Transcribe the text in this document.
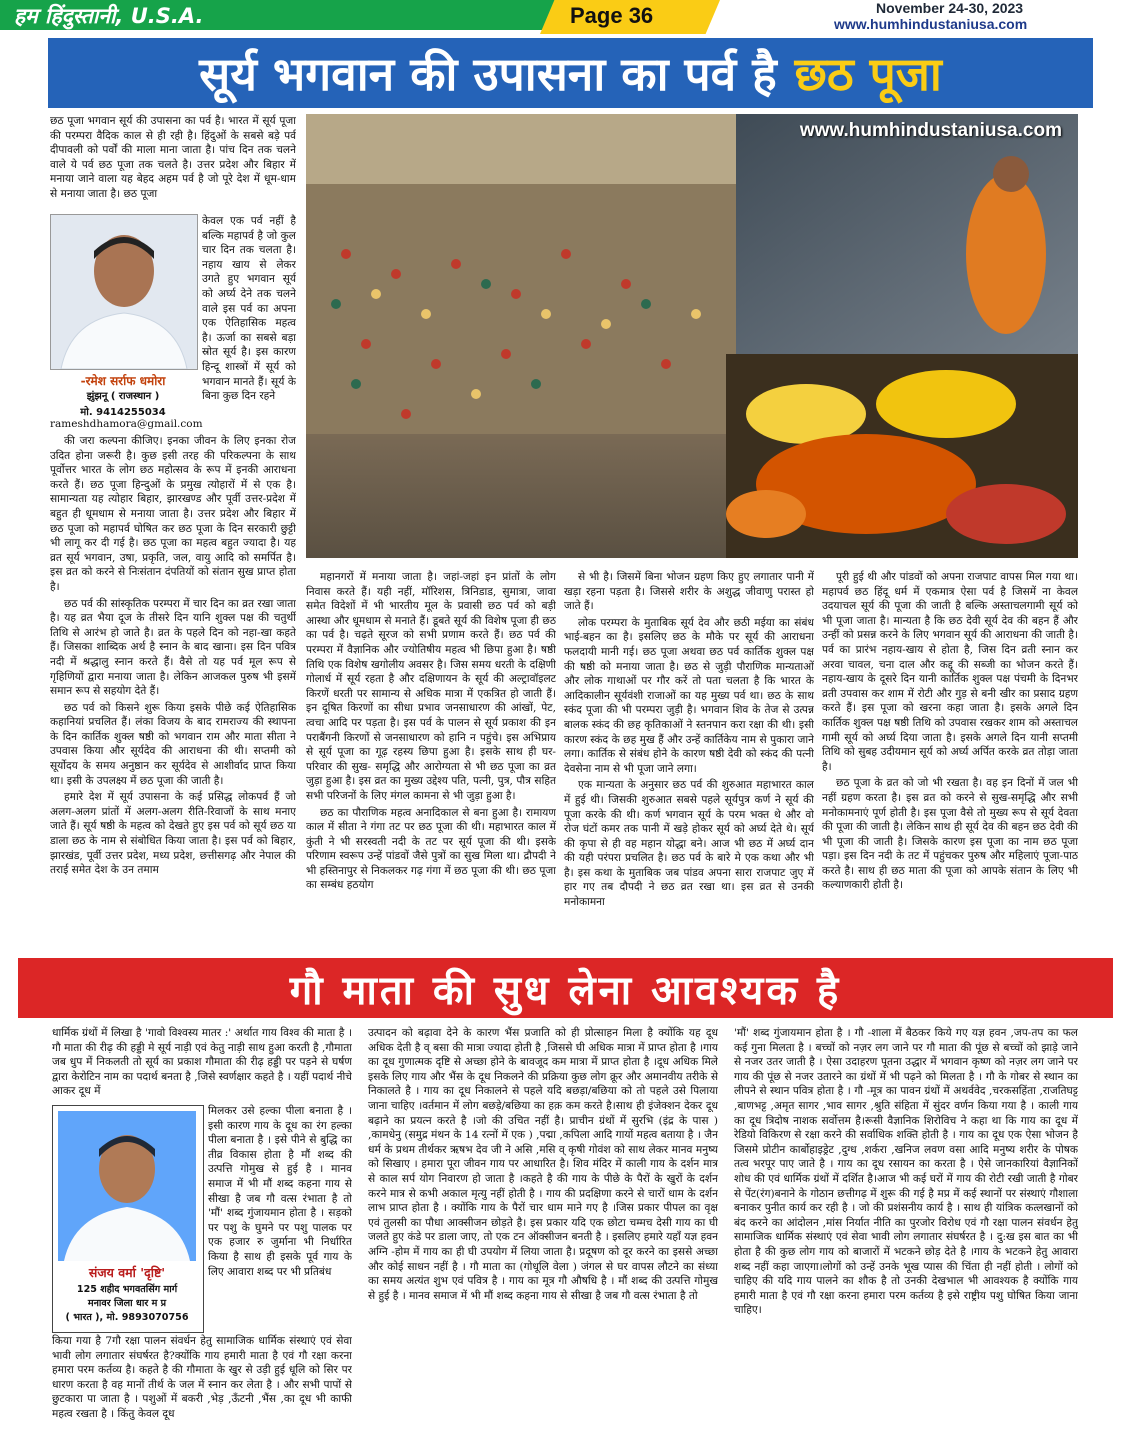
हम हिंदुस्तानी, U.S.A.	Page 36	November 24-30, 2023
www.humhindustaniusa.com
सूर्य भगवान की उपासना का पर्व है छठ पूजा
www.humhindustaniusa.com
छठ पूजा भगवान सूर्य की उपासना का पर्व है। भारत में सूर्य पूजा की परम्परा वैदिक काल से ही रही है। हिंदुओं के सबसे बड़े पर्व दीपावली को पर्वों की माला माना जाता है। पांच दिन तक चलने वाले ये पर्व छठ पूजा तक चलते है। उत्तर प्रदेश और बिहार में मनाया जाने वाला यह बेहद अहम पर्व है जो पूरे देश में धूम-धाम से मनाया जाता है। छठ पूजा
केवल एक पर्व नहीं है बल्कि महापर्व है जो कुल चार दिन तक चलता है। नहाय खाय से लेकर उगते हुए भगवान सूर्य को अर्घ्य देने तक चलने वाले इस पर्व का अपना एक ऐतिहासिक महत्व है। ऊर्जा का सबसे बड़ा स्रोत सूर्य है। इस कारण हिन्दू शास्त्रों में सूर्य को भगवान मानते हैं। सूर्य के बिना कुछ दिन रहने
-रमेश सर्राफ धमोरा
झुंझनू ( राजस्थान )
मो. 9414255034
rameshdhamora@gmail.com

की जरा कल्पना कीजिए। इनका जीवन के लिए इनका रोज उदित होना जरूरी है। कुछ इसी तरह की परिकल्पना के साथ पूर्वोत्तर भारत के लोग छठ महोत्सव के रूप में इनकी आराधना करते हैं। छठ पूजा हिन्दुओं के प्रमुख त्योहारों में से एक है। सामान्यता यह त्योहार बिहार, झारखण्ड और पूर्वी उत्तर-प्रदेश में बहुत ही धूमधाम से मनाया जाता है। उत्तर प्रदेश और बिहार में छठ पूजा को महापर्व घोषित कर छठ पूजा के दिन सरकारी छुट्टी भी लागू कर दी गई है। छठ पूजा का महत्व बहुत ज्यादा है। यह व्रत सूर्य भगवान, उषा, प्रकृति, जल, वायु आदि को समर्पित है। इस व्रत को करने से निःसंतान दंपतियों को संतान सुख प्राप्त होता है।

छठ पर्व की सांस्कृतिक परम्परा में चार दिन का व्रत रखा जाता है। यह व्रत भैया दूज के तीसरे दिन यानि शुक्ल पक्ष की चतुर्थी तिथि से आरंभ हो जाते है। व्रत के पहले दिन को नहा-खा कहते हैं। जिसका शाब्दिक अर्थ है स्नान के बाद खाना। इस दिन पवित्र नदी में श्रद्धालु स्नान करते हैं। वैसे तो यह पर्व मूल रूप से गृहिणियों द्वारा मनाया जाता है। लेकिन आजकल पुरुष भी इसमें समान रूप से सहयोग देते हैं।

छठ पर्व को किसने शुरू किया इसके पीछे कई ऐतिहासिक कहानियां प्रचलित हैं। लंका विजय के बाद रामराज्य की स्थापना के दिन कार्तिक शुक्ल षष्ठी को भगवान राम और माता सीता ने उपवास किया और सूर्यदेव की आराधना की थी। सप्तमी को सूर्योदय के समय अनुष्ठान कर सूर्यदेव से आशीर्वाद प्राप्त किया था। इसी के उपलक्ष्य में छठ पूजा की जाती है।

हमारे देश में सूर्य उपासना के कई प्रसिद्ध लोकपर्व हैं जो अलग-अलग प्रांतों में अलग-अलग रीति-रिवाजों के साथ मनाए जाते हैं। सूर्य षष्ठी के महत्व को देखते हुए इस पर्व को सूर्य छठ या डाला छठ के नाम से संबोधित किया जाता है। इस पर्व को बिहार, झारखंड, पूर्वी उत्तर प्रदेश, मध्य प्रदेश, छत्तीसगढ़ और नेपाल की तराई समेत देश के उन तमाम

महानगरों में मनाया जाता है। जहां-जहां इन प्रांतों के लोग निवास करते हैं। यही नहीं, मॉरिशस, त्रिनिडाड, सुमात्रा, जावा समेत विदेशों में भी भारतीय मूल के प्रवासी छठ पर्व को बड़ी आस्था और धूमधाम से मनाते हैं। डूबते सूर्य की विशेष पूजा ही छठ का पर्व है। चढ़ते सूरज को सभी प्रणाम करते हैं। छठ पर्व की परम्परा में वैज्ञानिक और ज्योतिषीय महत्व भी छिपा हुआ है। षष्ठी तिथि एक विशेष खगोलीय अवसर है। जिस समय धरती के दक्षिणी गोलार्ध में सूर्य रहता है और दक्षिणायन के सूर्य की अल्ट्रावॉइलट किरणें धरती पर सामान्य से अधिक मात्रा में एकत्रित हो जाती हैं। इन दूषित किरणों का सीधा प्रभाव जनसाधारण की आंखों, पेट, त्वचा आदि पर पड़ता है। इस पर्व के पालन से सूर्य प्रकाश की इन पराबैंगनी किरणों से जनसाधारण को हानि न पहुंचे। इस अभिप्राय से सूर्य पूजा का गूढ़ रहस्य छिपा हुआ है। इसके साथ ही घर-परिवार की सुख- समृद्धि और आरोग्यता से भी छठ पूजा का व्रत जुड़ा हुआ है। इस व्रत का मुख्य उद्देश्य पति, पत्नी, पुत्र, पौत्र सहित सभी परिजनों के लिए मंगल कामना से भी जुड़ा हुआ है।

छठ का पौराणिक महत्व अनादिकाल से बना हुआ है। रामायण काल में सीता ने गंगा तट पर छठ पूजा की थी। महाभारत काल में कुंती ने भी सरस्वती नदी के तट पर सूर्य पूजा की थी। इसके परिणाम स्वरूप उन्हें पांडवों जैसे पुत्रों का सुख मिला था। द्रौपदी ने भी हस्तिनापुर से निकलकर गढ़ गंगा में छठ पूजा की थी। छठ पूजा का सम्बंध हठयोग

से भी है। जिसमें बिना भोजन ग्रहण किए हुए लगातार पानी में खड़ा रहना पड़ता है। जिससे शरीर के अशुद्ध जीवाणु परास्त हो जाते हैं।

लोक परम्परा के मुताबिक सूर्य देव और छठी मईया का संबंध भाई-बहन का है। इसलिए छठ के मौके पर सूर्य की आराधना फलदायी मानी गई। छठ पूजा अथवा छठ पर्व कार्तिक शुक्ल पक्ष की षष्ठी को मनाया जाता है। छठ से जुड़ी पौराणिक मान्यताओं और लोक गाथाओं पर गौर करें तो पता चलता है कि भारत के आदिकालीन सूर्यवंशी राजाओं का यह मुख्य पर्व था। छठ के साथ स्कंद पूजा की भी परम्परा जुड़ी है। भगवान शिव के तेज से उत्पन्न बालक स्कंद की छह कृतिकाओं ने स्तनपान करा रक्षा की थी। इसी कारण स्कंद के छह मुख हैं और उन्हें कार्तिकेय नाम से पुकारा जाने लगा। कार्तिक से संबंध होने के कारण षष्ठी देवी को स्कंद की पत्नी देवसेना नाम से भी पूजा जाने लगा।

एक मान्यता के अनुसार छठ पर्व की शुरुआत महाभारत काल में हुई थी। जिसकी शुरुआत सबसे पहले सूर्यपुत्र कर्ण ने सूर्य की पूजा करके की थी। कर्ण भगवान सूर्य के परम भक्त थे और वो रोज घंटों कमर तक पानी में खड़े होकर सूर्य को अर्घ्य देते थे। सूर्य की कृपा से ही वह महान योद्धा बने। आज भी छठ में अर्घ्य दान की यही परंपरा प्रचलित है। छठ पर्व के बारे मे एक कथा और भी है। इस कथा के मुताबिक जब पांडव अपना सारा राजपाट जुए में हार गए तब दौपदी ने छठ व्रत रखा था। इस व्रत से उनकी मनोकामना

पूरी हुई थी और पांडवों को अपना राजपाट वापस मिल गया था। महापर्व छठ हिंदू धर्म में एकमात्र ऐसा पर्व है जिसमें ना केवल उदयाचल सूर्य की पूजा की जाती है बल्कि अस्ताचलगामी सूर्य को भी पूजा जाता है। मान्यता है कि छठ देवी सूर्य देव की बहन हैं और उन्हीं को प्रसन्न करने के लिए भगवान सूर्य की आराधना की जाती है। पर्व का प्रारंभ नहाय-खाय से होता है, जिस दिन व्रती स्नान कर अरवा चावल, चना दाल और कद्दू की सब्जी का भोजन करते हैं। नहाय-खाय के दूसरे दिन यानी कार्तिक शुक्ल पक्ष पंचमी के दिनभर व्रती उपवास कर शाम में रोटी और गुड़ से बनी खीर का प्रसाद ग्रहण करते हैं। इस पूजा को खरना कहा जाता है। इसके अगले दिन कार्तिक शुक्ल पक्ष षष्ठी तिथि को उपवास रखकर शाम को अस्ताचल गामी सूर्य को अर्घ्य दिया जाता है। इसके अगले दिन यानी सप्तमी तिथि को सुबह उदीयमान सूर्य को अर्घ्य अर्पित करके व्रत तोड़ा जाता है।

छठ पूजा के व्रत को जो भी रखता है। वह इन दिनों में जल भी नहीं ग्रहण करता है। इस व्रत को करने से सुख-समृद्धि और सभी मनोकामनाएं पूर्ण होती है। इस पूजा वैसे तो मुख्य रूप से सूर्य देवता की पूजा की जाती है। लेकिन साथ ही सूर्य देव की बहन छठ देवी की भी पूजा की जाती है। जिसके कारण इस पूजा का नाम छठ पूजा पड़ा। इस दिन नदी के तट में पहुंचकर पुरुष और महिलाएं पूजा-पाठ करते है। साथ ही छठ माता की पूजा को आपके संतान के लिए भी कल्याणकारी होती है।

गौ माता की सुध लेना आवश्यक है
धार्मिक ग्रंथों में लिखा है 'गावो विश्वस्य मातर :' अर्थात गाय विश्व की माता है । गौ माता की रीढ़ की हड्डी मे सूर्य नाड़ी एवं केतु नाड़ी साथ हुआ करती है ,गौमाता जब धुप में निकलती तो सूर्य का प्रकाश गौमाता की रीढ़ हड्डी पर पड़ने से घर्षण द्वारा केरोटिन नाम का पदार्थ बनता है ,जिसे स्वर्णक्षार कहते है । यहीं पदार्थ नीचे आकर दूध में
संजय वर्मा 'दृष्टि'
125 शहीद भगवतसिंग मार्ग
मनावर जिला धार म प्र
( भारत ), मो. 9893070756
मिलकर उसे हल्का पीला बनाता है । इसी कारण गाय के दूध का रंग हल्का पीला बनाता है । इसे पीने से बुद्धि का तीव्र विकास होता है मौं शब्द की उत्पत्ति गोमुख से हुई है । मानव समाज में भी मौं शब्द कहना गाय से सीखा है जब गौ वत्स रंभाता है तो 'मौं' शब्द गुंजायमान होता है । सड़को पर पशु के घुमने पर पशु पालक पर एक हजार रु जुर्माना भी निर्धारित किया है साथ ही इसके पूर्व गाय के लिए आवारा शब्द पर भी प्रतिबंध
किया गया है 7गौ रक्षा पालन संवर्धन हेतु सामाजिक धार्मिक संस्थाएं एवं सेवा भावी लोग लगातार संघर्षरत है?क्योंकि गाय हमारी माता है एवं गौ रक्षा करना हमारा परम कर्तव्य है। कहते है की गौमाता के खुर से उड़ी हुई धूलि को सिर पर धारण करता है वह मानों तीर्थ के जल में स्नान कर लेता है । और सभी पापों से छुटकारा पा जाता है । पशुओं में बकरी ,भेड़ ,ऊँटनी ,भैंस ,का दूध भी काफी महत्व रखता है । किंतु केवल दूध
उत्पादन को बढ़ावा देने के कारण भैंस प्रजाति को ही प्रोत्साहन मिला है क्योंकि यह दूध अधिक देती है व् बसा की मात्रा ज्यादा होती है ,जिससे घी अधिक मात्रा में प्राप्त होता है ।गाय का दूध गुणात्मक दृष्टि से अच्छा होने के बावजूद कम मात्रा में प्राप्त होता है ।दूध अधिक मिले इसके लिए गाय और भैंस के दूध निकलने की प्रक्रिया कुछ लोग क्रूर और अमानवीय तरीके से निकालते है । गाय का दूध निकालने से पहले यदि बछड़ा/बछिया को तो पहले उसे पिलाया जाना चाहिए ।वर्तमान में लोग बछड़े/बछिया का हक़ कम करते है।साथ ही इंजेक्शन देकर दूध बढ़ाने का प्रयत्न करते है ।जो की उचित नहीं है। प्राचीन ग्रंथों में सुरभि (इंद्र के पास ) ,कामधेनु (समुद्र मंथन के 14 रत्नों में एक ) ,पद्मा ,कपिला आदि गायों महत्व बताया है । जैन धर्म के प्रथम तीर्थकर ऋषभ देव जी ने असि ,मसि व् कृषी गोवंश को साथ लेकर मानव मनुष्य को सिखाए । हमारा पूरा जीवन गाय पर आधारित है। शिव मंदिर में काली गाय के दर्शन मात्र से काल सर्प योग निवारण हो जाता है ।कहते है की गाय के पीछे के पैरों के खुरों के दर्शन करने मात्र से कभी अकाल मृत्यु नहीं होती है । गाय की प्रदक्षिणा करने से चारों धाम के दर्शन लाभ प्राप्त होता है । क्योंकि गाय के पैरों चार धाम माने गए है ।जिस प्रकार पीपल का वृक्ष एवं तुलसी का पौधा आक्सीजन छोड़ते है। इस प्रकार यदि एक छोटा चम्मच देसी गाय का घी जलते हुए कंडे पर डाला जाए, तो एक टन ऑक्सीजन बनती है । इसलिए हमारे यहाँ यज्ञ हवन अग्नि -होम में गाय का ही घी उपयोग में लिया जाता है। प्रदूषण को दूर करने का इससे अच्छा और कोई साधन नहीं है । गौ माता का (गोधूलि वेला ) जंगल से घर वापस लौटने का संध्या का समय अत्यंत शुभ एवं पवित्र है । गाय का मूत्र गौ औषधि है । मौं शब्द की उत्पत्ति गोमुख से हुई है । मानव समाज में भी मौं शब्द कहना गाय से सीखा है जब गौ वत्स रंभाता है तो
'मौं' शब्द गुंजायमान होता है । गौ -शाला में बैठकर किये गए यज्ञ हवन ,जप-तप का फल कई गुना मिलता है । बच्चों को नज़र लग जाने पर गौ माता की पूंछ से बच्चों को झाड़े जाने से नजर उतर जाती है । ऐसा उदाहरण पूतना उद्धार में भगवान कृष्ण को नज़र लग जाने पर गाय की पूंछ से नजर उतारने का ग्रंथों में भी पढ़ने को मिलता है । गौ के गोबर से स्थान का लीपने से स्थान पवित्र होता है । गौ -मूत्र का पावन ग्रंथों में अथर्ववेद ,चरकसहिंता ,राजतिघट्ट ,बाणभट्ट ,अमृत सागर ,भाव सागर ,श्रुति संहिता में सुंदर वर्णन किया गया है । काली गाय का दूध त्रिदोष नाशक सर्वोत्तम है।रूसी वैज्ञानिक शिरोविच ने कहा था कि गाय का दूध में रेडियो विकिरण से रक्षा करने की सर्वाधिक शक्ति होती है । गाय का दूध एक ऐसा भोजन है जिसमे प्रोटीन कार्बोहाइड्रेट ,दुग्ध ,शर्करा ,खनिज लवण वसा आदि मनुष्य शरीर के पोषक तत्व भरपूर पाए जाते है । गाय का दूध रसायन का करता है । ऐसे जानकारियां वैज्ञानिकों शोध की एवं धार्मिक ग्रंथों में दर्शित है।आज भी कई घरों में गाय की रोटी रखी जाती है गोबर से पेंट(रंग)बनाने के गोठान छत्तीगढ़ में शुरू की गई है मप्र में कई स्थानों पर संस्थाएं गौशाला बनाकर पुनीत कार्य कर रही है । जो की प्रशंसनीय कार्य है । साथ ही यांत्रिक कत्लखानों को बंद करने का आंदोलन ,मांस निर्यात नीति का पुरजोर विरोध एवं गौ रक्षा पालन संवर्धन हेतु सामाजिक धार्मिक संस्थाएं एवं सेवा भावी लोग लगातार संघर्षरत है । दु:ख इस बात का भी होता है की कुछ लोग गाय को बाजारों में भटकने छोड़ देते है ।गाय के भटकने हेतु आवारा शब्द नहीं कहा जाएगा।लोगों को उन्हें उनके भूख प्यास की चिंता ही नहीं होती । लोगों को चाहिए की यदि गाय पालने का शौक है तो उनकी देखभाल भी आवश्यक है क्योंकि गाय हमारी माता है एवं गौ रक्षा करना हमारा परम कर्तव्य है इसे राष्ट्रीय पशु घोषित किया जाना चाहिए।
